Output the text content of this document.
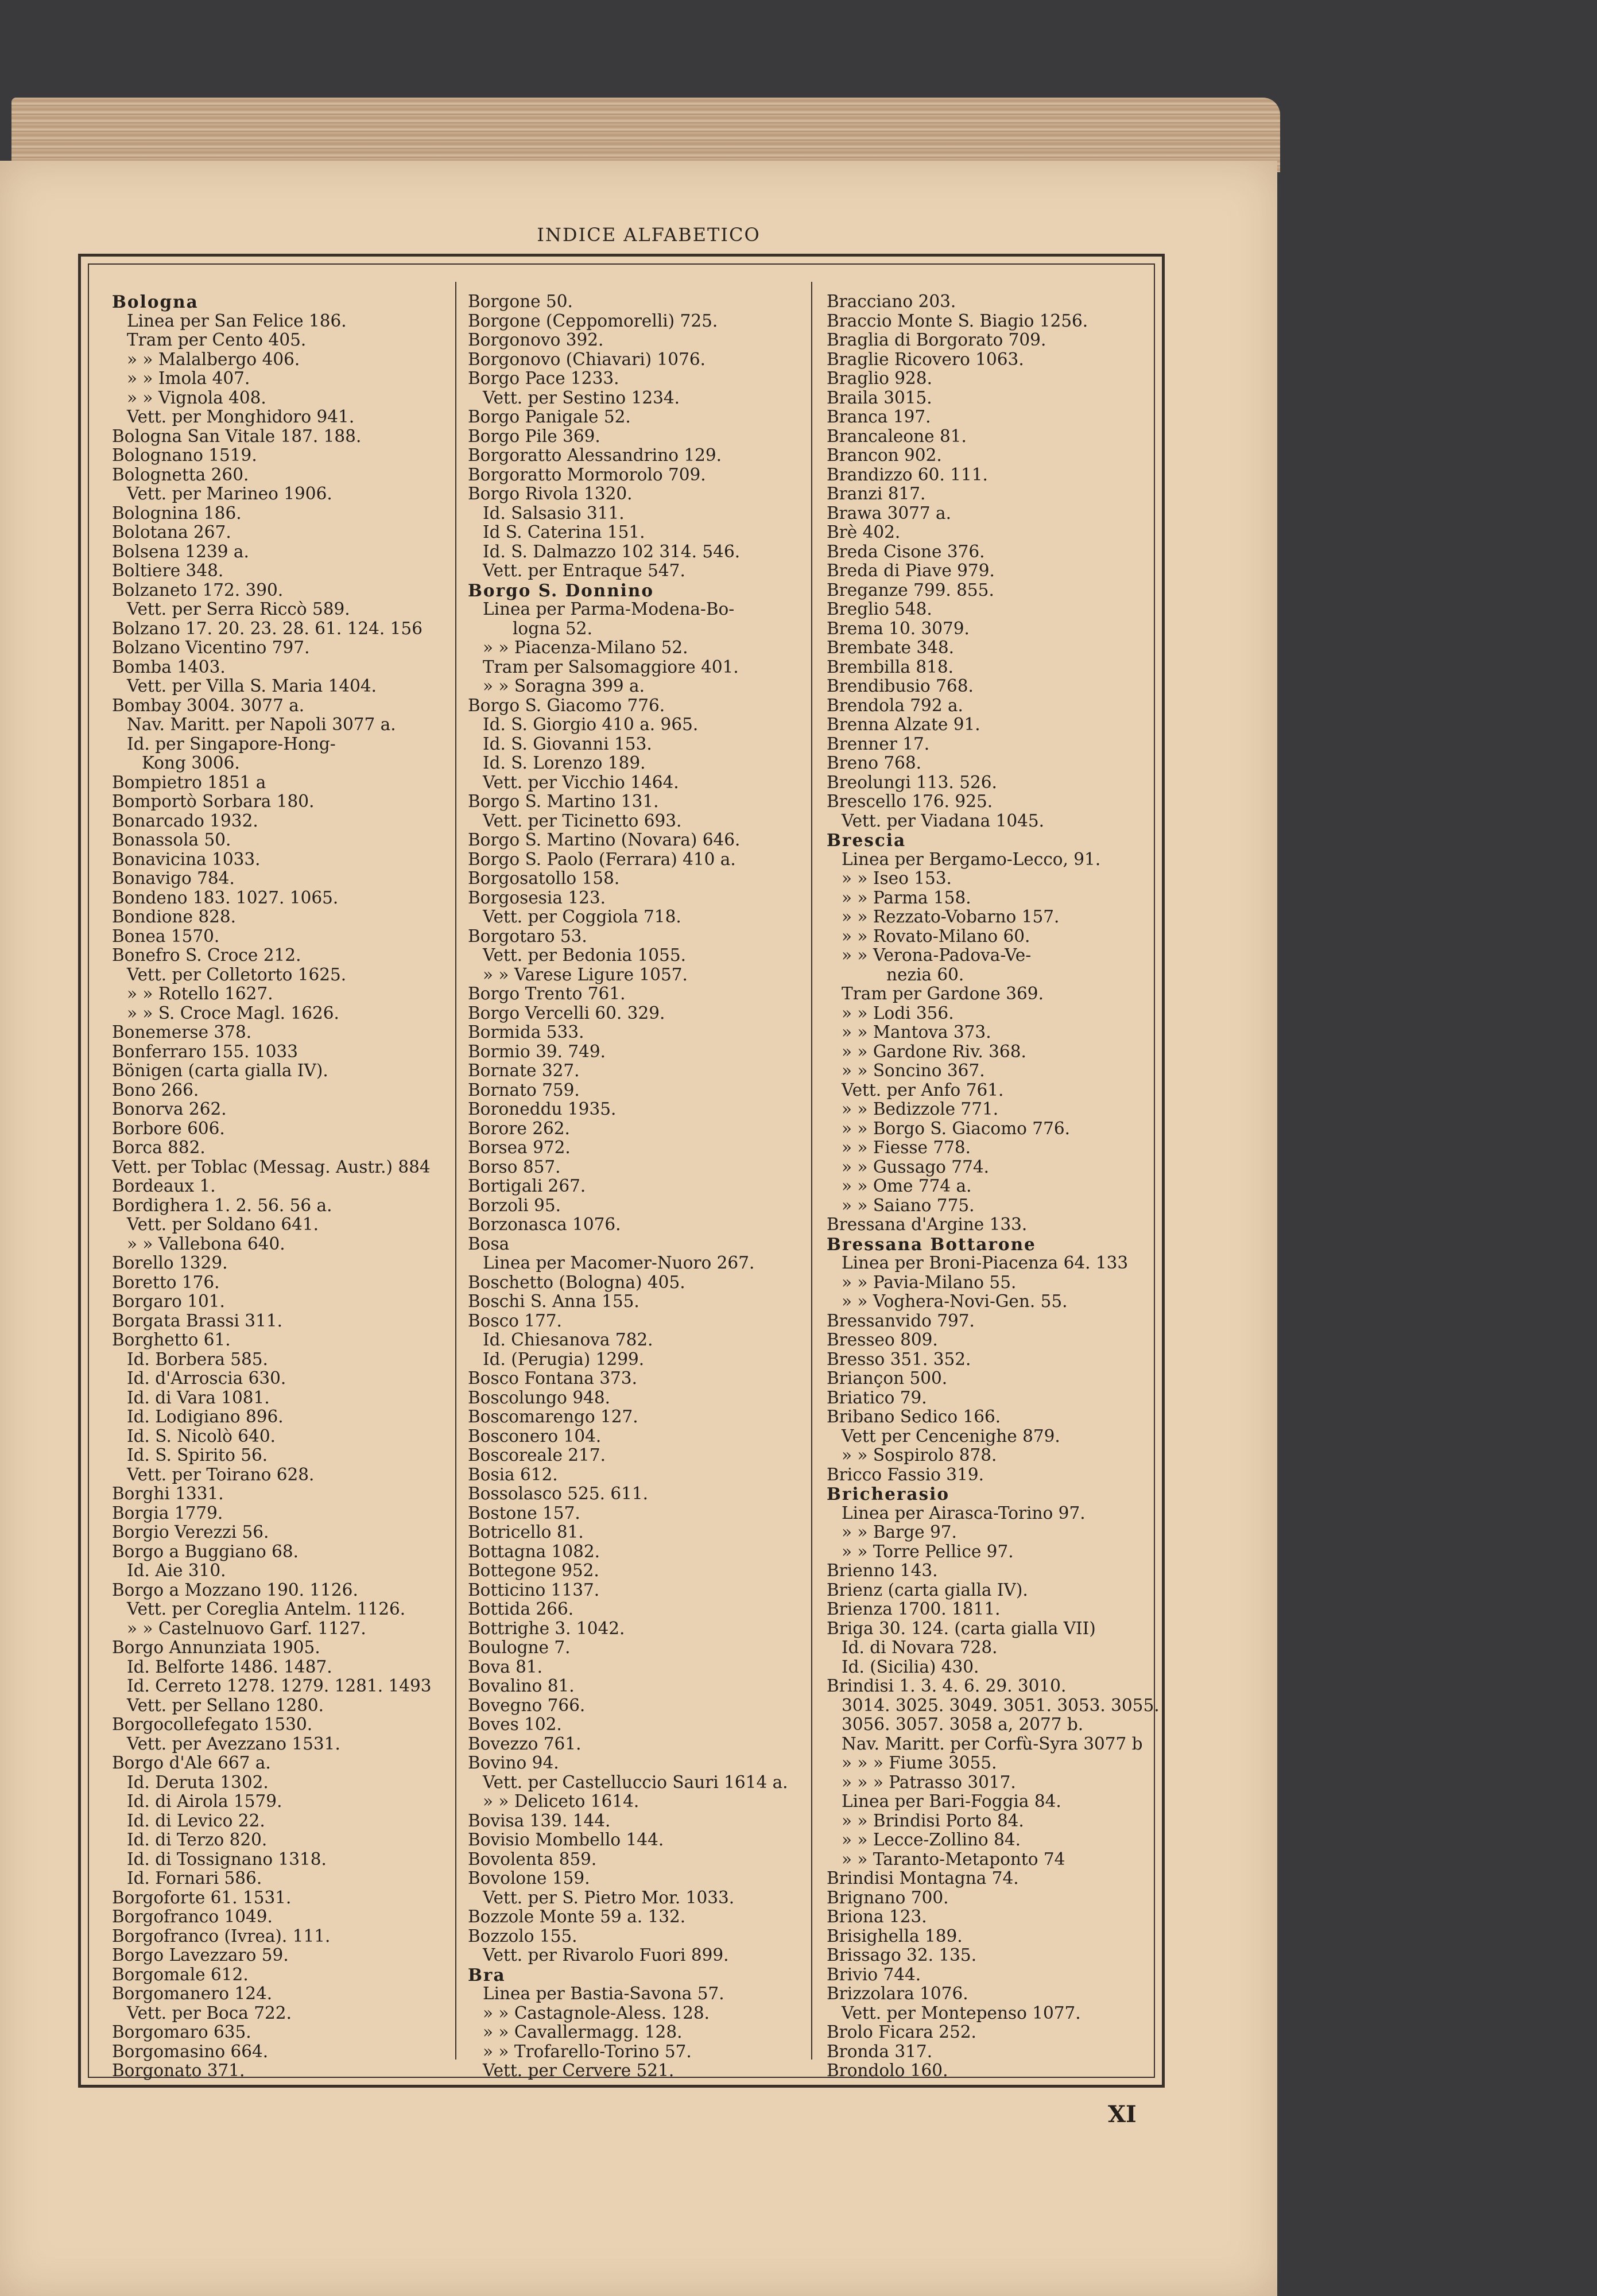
INDICE ALFABETICO
Bologna
Linea per San Felice 186.
Tram per Cento 405.
» » Malalbergo 406.
» » Imola 407.
» » Vignola 408.
Vett. per Monghidoro 941.
Bologna San Vitale 187. 188.
Bolognano 1519.
Bolognetta 260.
Vett. per Marineo 1906.
Bolognina 186.
Bolotana 267.
Bolsena 1239 a.
Boltiere 348.
Bolzaneto 172. 390.
Vett. per Serra Riccò 589.
Bolzano 17. 20. 23. 28. 61. 124. 156
Bolzano Vicentino 797.
Bomba 1403.
Vett. per Villa S. Maria 1404.
Bombay 3004. 3077 a.
Nav. Maritt. per Napoli 3077 a.
Id. per Singapore-Hong-
Kong 3006.
Bompietro 1851 a
Bomportò Sorbara 180.
Bonarcado 1932.
Bonassola 50.
Bonavicina 1033.
Bonavigo 784.
Bondeno 183. 1027. 1065.
Bondione 828.
Bonea 1570.
Bonefro S. Croce 212.
Vett. per Colletorto 1625.
» » Rotello 1627.
» » S. Croce Magl. 1626.
Bonemerse 378.
Bonferraro 155. 1033
Bönigen (carta gialla IV).
Bono 266.
Bonorva 262.
Borbore 606.
Borca 882.
Vett. per Toblac (Messag. Austr.) 884
Bordeaux 1.
Bordighera 1. 2. 56. 56 a.
Vett. per Soldano 641.
» » Vallebona 640.
Borello 1329.
Boretto 176.
Borgaro 101.
Borgata Brassi 311.
Borghetto 61.
Id. Borbera 585.
Id. d'Arroscia 630.
Id. di Vara 1081.
Id. Lodigiano 896.
Id. S. Nicolò 640.
Id. S. Spirito 56.
Vett. per Toirano 628.
Borghi 1331.
Borgia 1779.
Borgio Verezzi 56.
Borgo a Buggiano 68.
Id. Aie 310.
Borgo a Mozzano 190. 1126.
Vett. per Coreglia Antelm. 1126.
» » Castelnuovo Garf. 1127.
Borgo Annunziata 1905.
Id. Belforte 1486. 1487.
Id. Cerreto 1278. 1279. 1281. 1493
Vett. per Sellano 1280.
Borgocollefegato 1530.
Vett. per Avezzano 1531.
Borgo d'Ale 667 a.
Id. Deruta 1302.
Id. di Airola 1579.
Id. di Levico 22.
Id. di Terzo 820.
Id. di Tossignano 1318.
Id. Fornari 586.
Borgoforte 61. 1531.
Borgofranco 1049.
Borgofranco (Ivrea). 111.
Borgo Lavezzaro 59.
Borgomale 612.
Borgomanero 124.
Vett. per Boca 722.
Borgomaro 635.
Borgomasino 664.
Borgonato 371.
Borgone 50.
Borgone (Ceppomorelli) 725.
Borgonovo 392.
Borgonovo (Chiavari) 1076.
Borgo Pace 1233.
Vett. per Sestino 1234.
Borgo Panigale 52.
Borgo Pile 369.
Borgoratto Alessandrino 129.
Borgoratto Mormorolo 709.
Borgo Rivola 1320.
Id. Salsasio 311.
Id S. Caterina 151.
Id. S. Dalmazzo 102 314. 546.
Vett. per Entraque 547.
Borgo S. Donnino
Linea per Parma-Modena-Bo-
logna 52.
» » Piacenza-Milano 52.
Tram per Salsomaggiore 401.
» » Soragna 399 a.
Borgo S. Giacomo 776.
Id. S. Giorgio 410 a. 965.
Id. S. Giovanni 153.
Id. S. Lorenzo 189.
Vett. per Vicchio 1464.
Borgo S. Martino 131.
Vett. per Ticinetto 693.
Borgo S. Martino (Novara) 646.
Borgo S. Paolo (Ferrara) 410 a.
Borgosatollo 158.
Borgosesia 123.
Vett. per Coggiola 718.
Borgotaro 53.
Vett. per Bedonia 1055.
» » Varese Ligure 1057.
Borgo Trento 761.
Borgo Vercelli 60. 329.
Bormida 533.
Bormio 39. 749.
Bornate 327.
Bornato 759.
Boroneddu 1935.
Borore 262.
Borsea 972.
Borso 857.
Bortigali 267.
Borzoli 95.
Borzonasca 1076.
Bosa
Linea per Macomer-Nuoro 267.
Boschetto (Bologna) 405.
Boschi S. Anna 155.
Bosco 177.
Id. Chiesanova 782.
Id. (Perugia) 1299.
Bosco Fontana 373.
Boscolungo 948.
Boscomarengo 127.
Bosconero 104.
Boscoreale 217.
Bosia 612.
Bossolasco 525. 611.
Bostone 157.
Botricello 81.
Bottagna 1082.
Bottegone 952.
Botticino 1137.
Bottida 266.
Bottrighe 3. 1042.
Boulogne 7.
Bova 81.
Bovalino 81.
Bovegno 766.
Boves 102.
Bovezzo 761.
Bovino 94.
Vett. per Castelluccio Sauri 1614 a.
» » Deliceto 1614.
Bovisa 139. 144.
Bovisio Mombello 144.
Bovolenta 859.
Bovolone 159.
Vett. per S. Pietro Mor. 1033.
Bozzole Monte 59 a. 132.
Bozzolo 155.
Vett. per Rivarolo Fuori 899.
Bra
Linea per Bastia-Savona 57.
» » Castagnole-Aless. 128.
» » Cavallermagg. 128.
» » Trofarello-Torino 57.
Vett. per Cervere 521.
Bracciano 203.
Braccio Monte S. Biagio 1256.
Braglia di Borgorato 709.
Braglie Ricovero 1063.
Braglio 928.
Braila 3015.
Branca 197.
Brancaleone 81.
Brancon 902.
Brandizzo 60. 111.
Branzi 817.
Brawa 3077 a.
Brè 402.
Breda Cisone 376.
Breda di Piave 979.
Breganze 799. 855.
Breglio 548.
Brema 10. 3079.
Brembate 348.
Brembilla 818.
Brendibusio 768.
Brendola 792 a.
Brenna Alzate 91.
Brenner 17.
Breno 768.
Breolungi 113. 526.
Brescello 176. 925.
Vett. per Viadana 1045.
Brescia
Linea per Bergamo-Lecco, 91.
» » Iseo 153.
» » Parma 158.
» » Rezzato-Vobarno 157.
» » Rovato-Milano 60.
» » Verona-Padova-Ve-
nezia 60.
Tram per Gardone 369.
» » Lodi 356.
» » Mantova 373.
» » Gardone Riv. 368.
» » Soncino 367.
Vett. per Anfo 761.
» » Bedizzole 771.
» » Borgo S. Giacomo 776.
» » Fiesse 778.
» » Gussago 774.
» » Ome 774 a.
» » Saiano 775.
Bressana d'Argine 133.
Bressana Bottarone
Linea per Broni-Piacenza 64. 133
» » Pavia-Milano 55.
» » Voghera-Novi-Gen. 55.
Bressanvido 797.
Bresseo 809.
Bresso 351. 352.
Briançon 500.
Briatico 79.
Bribano Sedico 166.
Vett per Cencenighe 879.
» » Sospirolo 878.
Bricco Fassio 319.
Bricherasio
Linea per Airasca-Torino 97.
» » Barge 97.
» » Torre Pellice 97.
Brienno 143.
Brienz (carta gialla IV).
Brienza 1700. 1811.
Briga 30. 124. (carta gialla VII)
Id. di Novara 728.
Id. (Sicilia) 430.
Brindisi 1. 3. 4. 6. 29. 3010.
3014. 3025. 3049. 3051. 3053. 3055.
3056. 3057. 3058 a, 2077 b.
Nav. Maritt. per Corfù-Syra 3077 b
» » » Fiume 3055.
» » » Patrasso 3017.
Linea per Bari-Foggia 84.
» » Brindisi Porto 84.
» » Lecce-Zollino 84.
» » Taranto-Metaponto 74
Brindisi Montagna 74.
Brignano 700.
Briona 123.
Brisighella 189.
Brissago 32. 135.
Brivio 744.
Brizzolara 1076.
Vett. per Montepenso 1077.
Brolo Ficara 252.
Bronda 317.
Brondolo 160.
XI
